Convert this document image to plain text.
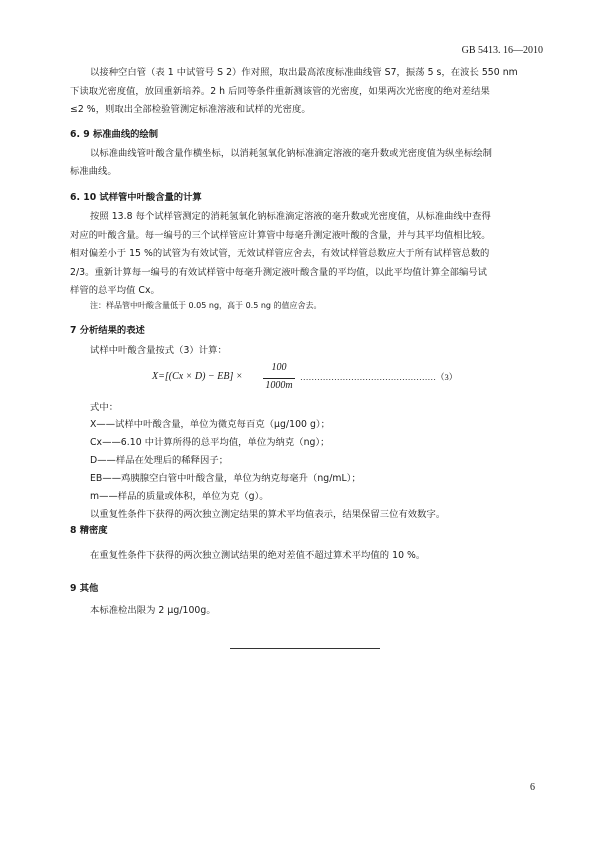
GB 5413. 16—2010
以接种空白管（表 1 中试管号 S 2）作对照，取出最高浓度标准曲线管 S7，振荡 5 s，在波长 550 nm
下读取光密度值，放回重新培养。2 h 后同等条件重新测该管的光密度，如果两次光密度的绝对差结果
≤2 %，则取出全部检验管测定标准溶液和试样的光密度。
6. 9 标准曲线的绘制
以标准曲线管叶酸含量作横坐标，以消耗氢氧化钠标准滴定溶液的毫升数或光密度值为纵坐标绘制
标准曲线。
6. 10 试样管中叶酸含量的计算
按照 13.8 每个试样管测定的消耗氢氧化钠标准滴定溶液的毫升数或光密度值，从标准曲线中查得
对应的叶酸含量。每一编号的三个试样管应计算管中每毫升测定液叶酸的含量，并与其平均值相比较。
相对偏差小于 15 %的试管为有效试管，无效试样管应舍去，有效试样管总数应大于所有试样管总数的
2/3。重新计算每一编号的有效试样管中每毫升测定液叶酸含量的平均值，以此平均值计算全部编号试
样管的总平均值 Cx。
注：样品管中叶酸含量低于 0.05 ng，高于 0.5 ng 的值应舍去。
7 分析结果的表述
试样中叶酸含量按式（3）计算：
X=[(Cx × D) − EB] ×
100
1000m
…………………………………………（3）
式中：
X——试样中叶酸含量，单位为微克每百克（μg/100 g）；
Cx——6.10 中计算所得的总平均值，单位为纳克（ng）；
D——样品在处理后的稀释因子；
EB——鸡胰腺空白管中叶酸含量，单位为纳克每毫升（ng/mL）；
m——样品的质量或体积，单位为克（g）。
以重复性条件下获得的两次独立测定结果的算术平均值表示，结果保留三位有效数字。
8 精密度
在重复性条件下获得的两次独立测试结果的绝对差值不超过算术平均值的 10 %。
9 其他
本标准检出限为 2 μg/100g。
6
